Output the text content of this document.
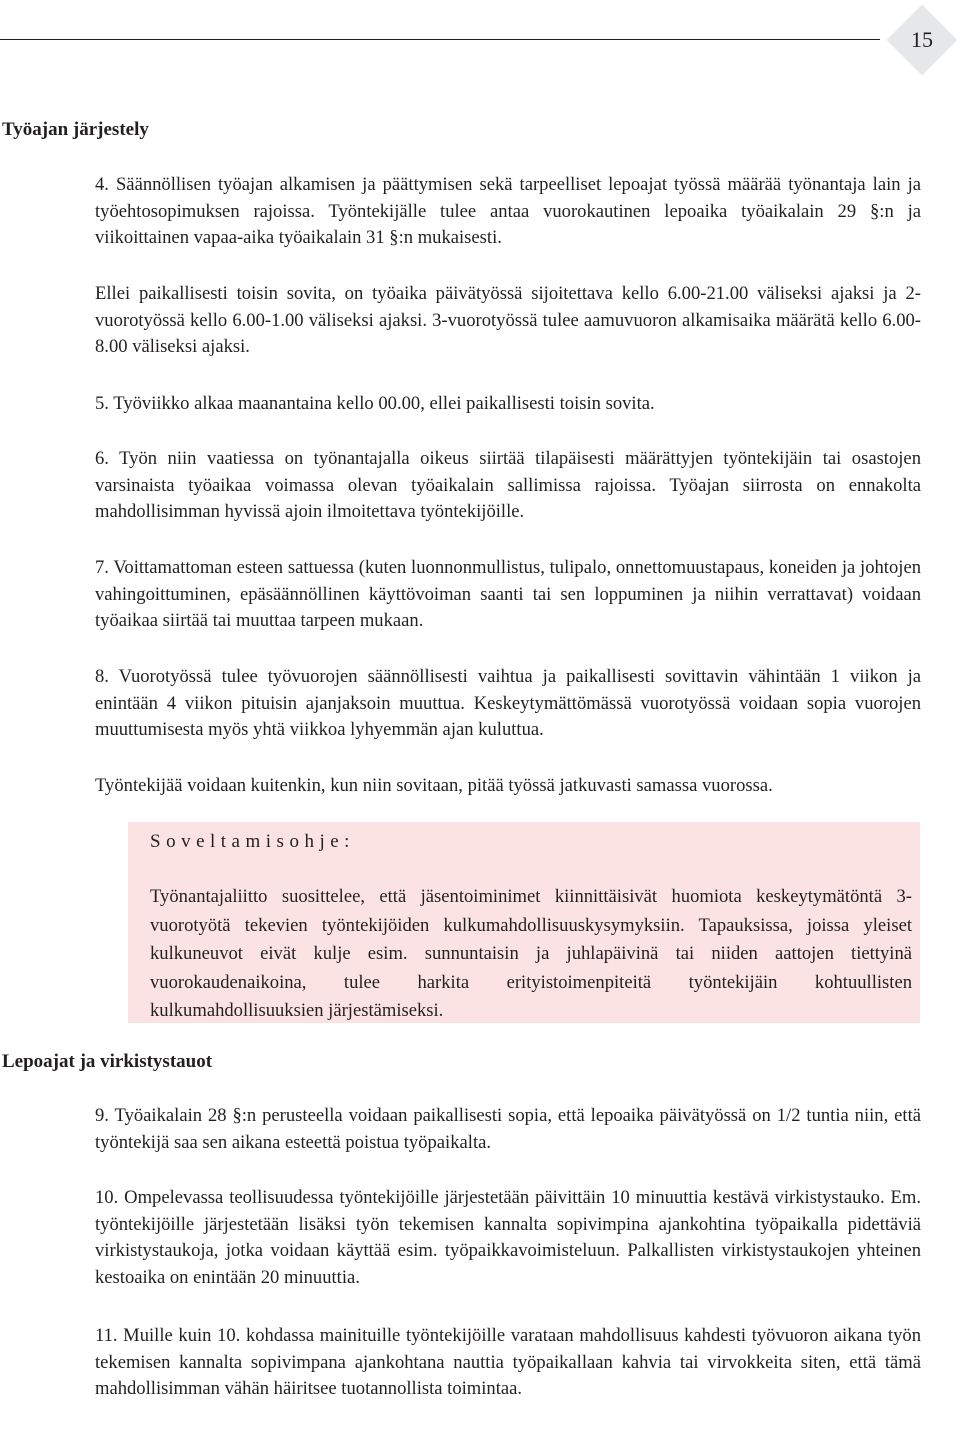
15
Työajan järjestely

4. Säännöllisen työajan alkamisen ja päättymisen sekä tarpeelliset lepoajat työssä määrää työnantaja lain ja työehtosopimuksen rajoissa. Työntekijälle tulee antaa vuorokautinen lepoaika työaikalain 29 §:n ja viikoittainen vapaa-aika työaikalain 31 §:n mukaisesti.

Ellei paikallisesti toisin sovita, on työaika päivätyössä sijoitettava kello 6.00-21.00 väliseksi ajaksi ja 2-vuorotyössä kello 6.00-1.00 väliseksi ajaksi. 3-vuorotyössä tulee aamuvuoron alkamisaika määrätä kello 6.00-8.00 väliseksi ajaksi.

5. Työviikko alkaa maanantaina kello 00.00, ellei paikallisesti toisin sovita.

6. Työn niin vaatiessa on työnantajalla oikeus siirtää tilapäisesti määrättyjen työntekijäin tai osastojen varsinaista työaikaa voimassa olevan työaikalain sallimissa rajoissa. Työajan siirrosta on ennakolta mahdollisimman hyvissä ajoin ilmoitettava työntekijöille.

7. Voittamattoman esteen sattuessa (kuten luonnonmullistus, tulipalo, onnettomuustapaus, koneiden ja johtojen vahingoittuminen, epäsäännöllinen käyttövoiman saanti tai sen loppuminen ja niihin verrattavat) voidaan työaikaa siirtää tai muuttaa tarpeen mukaan.

8. Vuorotyössä tulee työvuorojen säännöllisesti vaihtua ja paikallisesti sovittavin vähintään 1 viikon ja enintään 4 viikon pituisin ajanjaksoin muuttua. Keskeytymättömässä vuorotyössä voidaan sopia vuorojen muuttumisesta myös yhtä viikkoa lyhyemmän ajan kuluttua.

Työntekijää voidaan kuitenkin, kun niin sovitaan, pitää työssä jatkuvasti samassa vuorossa.

Soveltamisohje:

Työnantajaliitto suosittelee, että jäsentoiminimet kiinnittäisivät huomiota keskeytymätöntä 3-vuorotyötä tekevien työntekijöiden kulkumahdollisuuskysymyksiin. Tapauksissa, joissa yleiset kulkuneuvot eivät kulje esim. sunnuntaisin ja juhlapäivinä tai niiden aattojen tiettyinä vuorokaudenaikoina, tulee harkita erityistoimenpiteitä työntekijäin kohtuullisten kulkumahdollisuuksien järjestämiseksi.

Lepoajat ja virkistystauot

9. Työaikalain 28 §:n perusteella voidaan paikallisesti sopia, että lepoaika päivätyössä on 1/2 tuntia niin, että työntekijä saa sen aikana esteettä poistua työpaikalta.

10. Ompelevassa teollisuudessa työntekijöille järjestetään päivittäin 10 minuuttia kestävä virkistystauko. Em. työntekijöille järjestetään lisäksi työn tekemisen kannalta sopivimpina ajankohtina työpaikalla pidettäviä virkistystaukoja, jotka voidaan käyttää esim. työpaikkavoimisteluun. Palkallisten virkistystaukojen yhteinen kestoaika on enintään 20 minuuttia.

11. Muille kuin 10. kohdassa mainituille työntekijöille varataan mahdollisuus kahdesti työvuoron aikana työn tekemisen kannalta sopivimpana ajankohtana nauttia työpaikallaan kahvia tai virvokkeita siten, että tämä mahdollisimman vähän häiritsee tuotannollista toimintaa.
